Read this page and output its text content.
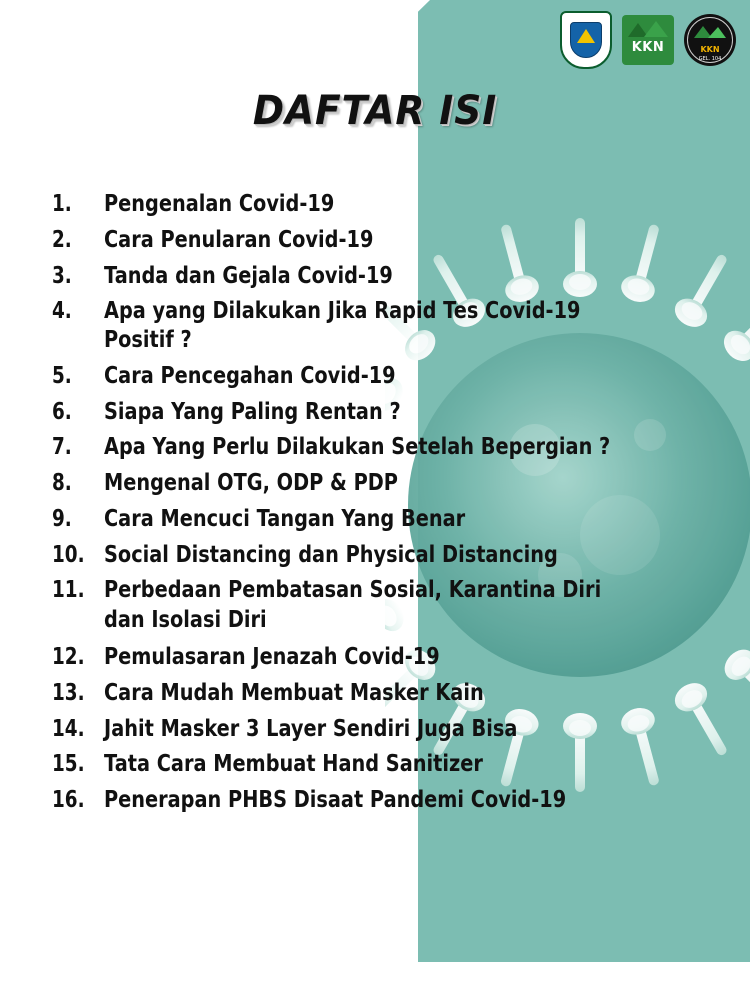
KKN	KKN
GEL. 104
DAFTAR ISI
1.	Pengenalan Covid-19
2.	Cara Penularan Covid-19
3.	Tanda dan Gejala Covid-19
4.	Apa yang Dilakukan Jika Rapid Tes Covid-19 Positif ?
5.	Cara Pencegahan Covid-19
6.	Siapa Yang Paling Rentan ?
7.	Apa Yang Perlu Dilakukan Setelah Bepergian ?
8.	Mengenal OTG, ODP & PDP
9.	Cara Mencuci Tangan Yang Benar
10. Social Distancing dan Physical Distancing
11. Perbedaan Pembatasan Sosial, Karantina Diri dan Isolasi Diri
12. Pemulasaran Jenazah Covid-19
13. Cara Mudah Membuat Masker Kain
14. Jahit Masker 3 Layer Sendiri Juga Bisa
15. Tata Cara Membuat Hand Sanitizer
16. Penerapan PHBS Disaat Pandemi Covid-19
